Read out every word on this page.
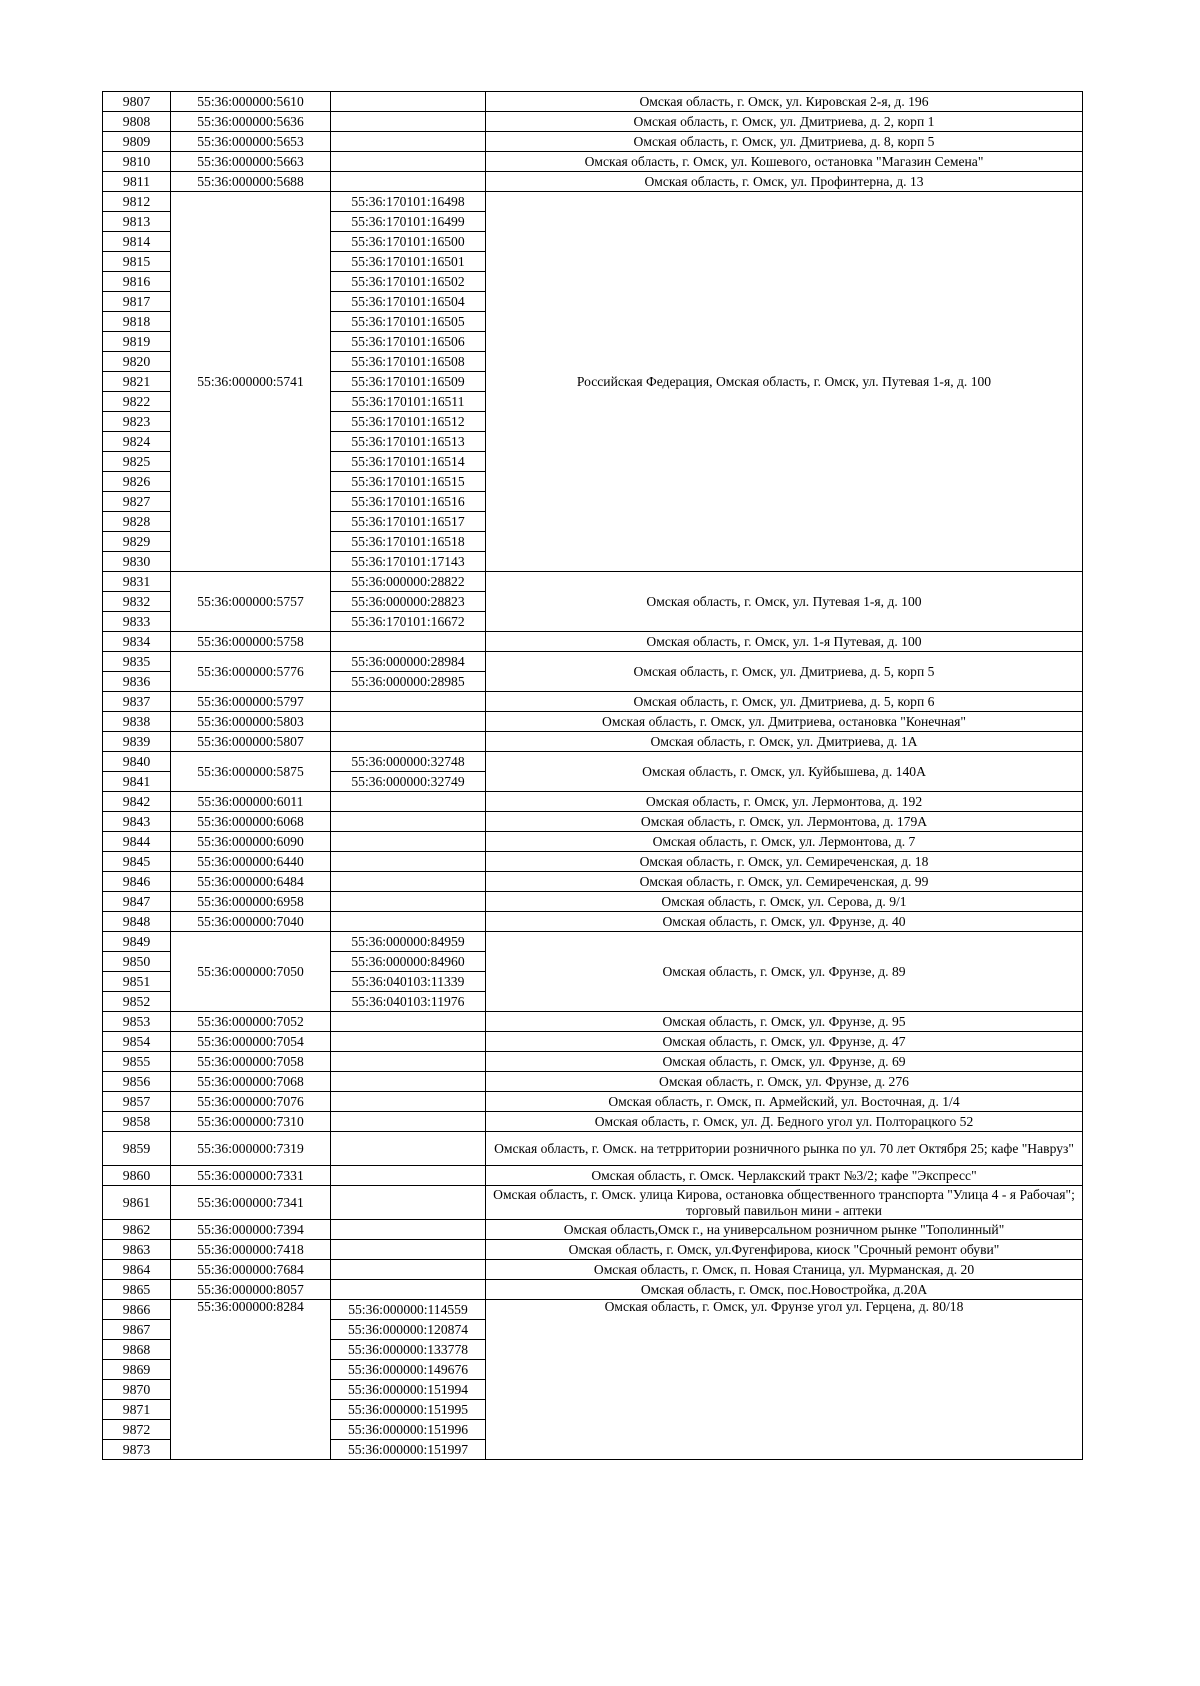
9807	55:36:000000:5610		Омская область, г. Омск, ул. Кировская 2-я, д. 196
9808	55:36:000000:5636		Омская область, г. Омск, ул. Дмитриева, д. 2, корп 1
9809	55:36:000000:5653		Омская область, г. Омск, ул. Дмитриева, д. 8, корп 5
9810	55:36:000000:5663		Омская область, г. Омск, ул. Кошевого, остановка "Магазин Семена"
9811	55:36:000000:5688		Омская область, г. Омск, ул. Профинтерна, д. 13
9812	55:36:000000:5741	55:36:170101:16498	Российская Федерация, Омская область, г. Омск, ул. Путевая 1-я, д. 100
9813		55:36:170101:16499	
9814		55:36:170101:16500	
9815		55:36:170101:16501	
9816		55:36:170101:16502	
9817		55:36:170101:16504	
9818		55:36:170101:16505	
9819		55:36:170101:16506	
9820		55:36:170101:16508	
9821		55:36:170101:16509	
9822		55:36:170101:16511	
9823		55:36:170101:16512	
9824		55:36:170101:16513	
9825		55:36:170101:16514	
9826		55:36:170101:16515	
9827		55:36:170101:16516	
9828		55:36:170101:16517	
9829		55:36:170101:16518	
9830		55:36:170101:17143	
9831	55:36:000000:5757	55:36:000000:28822	Омская область, г. Омск, ул. Путевая 1-я, д. 100
9832		55:36:000000:28823	
9833		55:36:170101:16672	
9834	55:36:000000:5758		Омская область, г. Омск, ул. 1-я Путевая, д. 100
9835	55:36:000000:5776	55:36:000000:28984	Омская область, г. Омск, ул. Дмитриева, д. 5, корп 5
9836		55:36:000000:28985	
9837	55:36:000000:5797		Омская область, г. Омск, ул. Дмитриева, д. 5, корп 6
9838	55:36:000000:5803		Омская область, г. Омск, ул. Дмитриева, остановка "Конечная"
9839	55:36:000000:5807		Омская область, г. Омск, ул. Дмитриева, д. 1А
9840	55:36:000000:5875	55:36:000000:32748	Омская область, г. Омск, ул. Куйбышева, д. 140А
9841		55:36:000000:32749	
9842	55:36:000000:6011		Омская область, г. Омск, ул. Лермонтова, д. 192
9843	55:36:000000:6068		Омская область, г. Омск, ул. Лермонтова, д. 179А
9844	55:36:000000:6090		Омская область, г. Омск, ул. Лермонтова, д. 7
9845	55:36:000000:6440		Омская область, г. Омск, ул. Семиреченская, д. 18
9846	55:36:000000:6484		Омская область, г. Омск, ул. Семиреченская, д. 99
9847	55:36:000000:6958		Омская область, г. Омск, ул. Серова, д. 9/1
9848	55:36:000000:7040		Омская область, г. Омск, ул. Фрунзе, д. 40
9849	55:36:000000:7050	55:36:000000:84959	Омская область, г. Омск, ул. Фрунзе, д. 89
9850		55:36:000000:84960	
9851		55:36:040103:11339	
9852		55:36:040103:11976	
9853	55:36:000000:7052		Омская область, г. Омск, ул. Фрунзе, д. 95
9854	55:36:000000:7054		Омская область, г. Омск, ул. Фрунзе, д. 47
9855	55:36:000000:7058		Омская область, г. Омск, ул. Фрунзе, д. 69
9856	55:36:000000:7068		Омская область, г. Омск, ул. Фрунзе, д. 276
9857	55:36:000000:7076		Омская область, г. Омск, п. Армейский, ул. Восточная, д. 1/4
9858	55:36:000000:7310		Омская область, г. Омск, ул. Д. Бедного угол ул. Полторацкого 52
9859	55:36:000000:7319		Омская область, г. Омск. на тетрритории розничного рынка по ул. 70 лет Октября 25; кафе "Навруз"
9860	55:36:000000:7331		Омская область, г. Омск. Черлакский тракт №3/2; кафе "Экспресс"
9861	55:36:000000:7341		Омская область, г. Омск. улица Кирова, остановка общественного транспорта "Улица 4 - я Рабочая"; торговый павильон мини - аптеки
9862	55:36:000000:7394		Омская область,Омск г., на универсальном розничном рынке "Тополинный"
9863	55:36:000000:7418		Омская область, г. Омск, ул.Фугенфирова, киоск "Срочный ремонт обуви"
9864	55:36:000000:7684		Омская область, г. Омск, п. Новая Станица, ул. Мурманская, д. 20
9865	55:36:000000:8057		Омская область, г. Омск, пос.Новостройка, д.20А
9866	55:36:000000:8284	55:36:000000:114559	Омская область, г. Омск, ул. Фрунзе угол ул. Герцена, д. 80/18
9867		55:36:000000:120874	
9868		55:36:000000:133778	
9869		55:36:000000:149676	
9870		55:36:000000:151994	
9871		55:36:000000:151995	
9872		55:36:000000:151996	
9873		55:36:000000:151997	
